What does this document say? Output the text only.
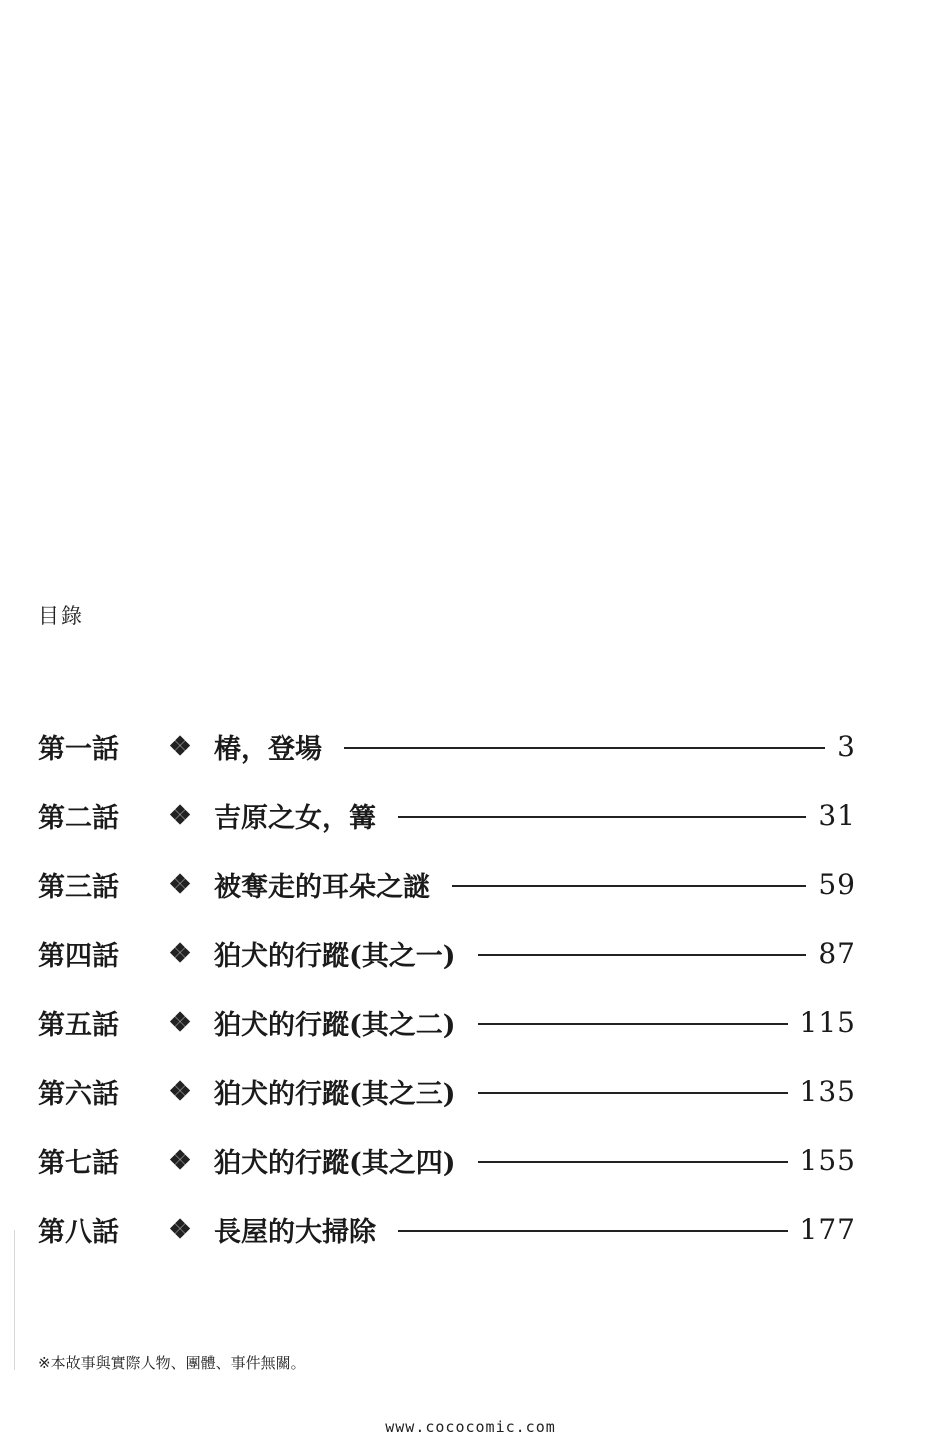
目錄
第一話	❖ 椿，登場	3
第二話	❖ 吉原之女，篝	31
第三話	❖ 被奪走的耳朵之謎	59
第四話	❖ 狛犬的行蹤(其之一)	87
第五話	❖ 狛犬的行蹤(其之二)	115
第六話	❖ 狛犬的行蹤(其之三)	135
第七話	❖ 狛犬的行蹤(其之四)	155
第八話	❖ 長屋的大掃除	177
※本故事與實際人物、團體、事件無關。
www.cococomic.com
